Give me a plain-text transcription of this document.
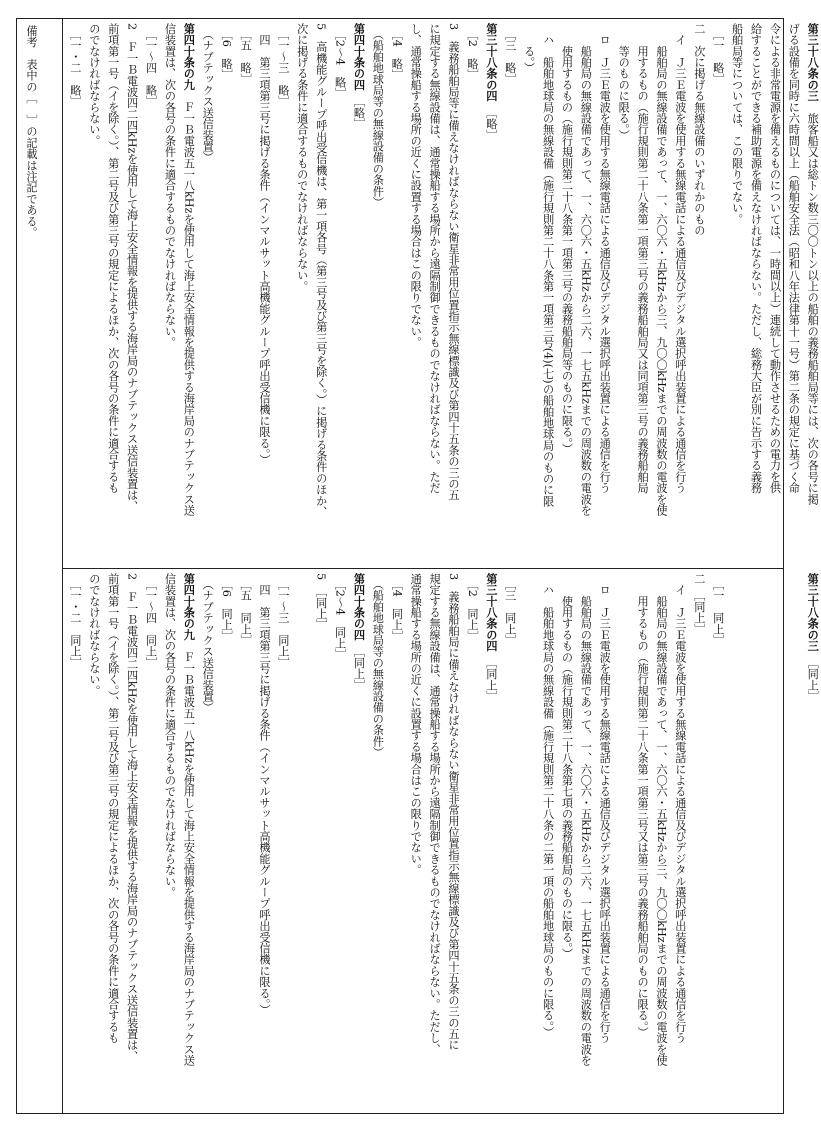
備考　表中の［　］の記載は注記である。	第三十八条の三　旅客船又は総トン数三〇〇トン以上の船舶の義務船舶局等には、次の各号に掲

げる設備を同時に六時間以上（船舶安全法（昭和八年法律第十一号）第二条の規定に基づく命

令による非常電源を備えるものについては、一時間以上）連続して動作させるための電力を供

給することができる補助電源を備えなければならない。ただし、総務大臣が別に告示する義務

船舶局等については、この限りでない。

　［一　略］

二　次に掲げる無線設備のいずれかのもの

　イ　Ｊ三Ｅ電波を使用する無線電話による通信及びデジタル選択呼出装置による通信を行う

　　船舶局の無線設備であって、一、六〇六・五kHzから三、九〇〇kHzまでの周波数の電波を使

　　用するもの（施行規則第二十八条第一項第三号の義務船舶局又は同項第三号の義務船舶局

　　等のものに限る。）

　ロ　Ｊ三Ｅ電波を使用する無線電話による通信及びデジタル選択呼出装置による通信を行う

　　船舶局の無線設備であって、一、六〇六・五kHzから二六、一七五kHzまでの周波数の電波を

　　使用するもの（施行規則第二十八条第一項第三号の義務船舶局等のものに限る。）

　ハ　船舶地球局の無線設備（施行規則第二十八条第一項第三号(4)(七)の船舶地球局のものに限

　　る。）

　［三　略］

第三十八条の四　［略］

　［2　略］

3　義務船舶局等に備えなければならない衛星非常用位置指示無線標識及び第四十五条の三の五

に規定する無線設備は、通常操船する場所から遠隔制御できるものでなければならない。ただ

し、通常操船する場所の近くに設置する場合はこの限りでない。

　［4　略］

　（船舶地球局等の無線設備の条件）

第四十条の四　［略］

　［2～4　略］

5　高機能グループ呼出受信機は、第一項各号（第三号及び第三号を除く。）に掲げる条件のほか、

次に掲げる条件に適合するものでなければならない。

　［一～三　略］

　四　第三項第三号に掲げる条件（インマルサット高機能グループ呼出受信機に限る。）

　［五　略］

　［6　略］

　（ナブテックス送信装置）

第四十条の九　Ｆ一Ｂ電波五一八kHzを使用して海上安全情報を提供する海岸局のナブテックス送

信装置は、次の各号の条件に適合するものでなければならない。

　［一～四　略］

2　Ｆ一Ｂ電波四二四kHzを使用して海上安全情報を提供する海岸局のナブテックス送信装置は、

前項第一号（イを除く。）、第二号及び第三号の規定によるほか、次の各号の条件に適合するも

のでなければならない。

　［一・二　略］

第三十八条の三　［同上］

　［一　同上］

二　［同上］

　イ　Ｊ三Ｅ電波を使用する無線電話による通信及びデジタル選択呼出装置による通信を行う

　　船舶局の無線設備であって、一、六〇六・五kHzから三、九〇〇kHzまでの周波数の電波を使

　　用するもの（施行規則第二十八条第一項第三号又は第三号の義務船舶局のものに限る。）

　ロ　Ｊ三Ｅ電波を使用する無線電話による通信及びデジタル選択呼出装置による通信を行う

　　船舶局の無線設備であって、一、六〇六・五kHzから二六、一七五kHzまでの周波数の電波を

　　使用するもの（施行規則第二十八条第七項の義務船舶局のものに限る。）

　ハ　船舶地球局の無線設備（施行規則第二十八条の二第一項の船舶地球局のものに限る。）

　［三　同上］

第三十八条の四　［同上］

　［2　同上］

3　義務船舶局に備えなければならない衛星非常用位置指示無線標識及び第四十五条の三の五に

規定する無線設備は、通常操船する場所から遠隔制御できるものでなければならない。ただし、

通常操船する場所の近くに設置する場合はこの限りでない。

　［4　同上］

　（船舶地球局等の無線設備の条件）

第四十条の四　［同上］

　［2～4　同上］

5　［同上］

　［一～三　同上］

　四　第三項第三号に掲げる条件（インマルサット高機能グループ呼出受信機に限る。）

　［五　同上］

　［6　同上］

　（ナブテックス送信装置）

第四十条の九　Ｆ一Ｂ電波五一八kHzを使用して海上安全情報を提供する海岸局のナブテックス送

信装置は、次の各号の条件に適合するものでなければならない。

　［一～四　同上］

2　Ｆ一Ｂ電波四二四kHzを使用して海上安全情報を提供する海岸局のナブテックス送信装置は、

前項第一号（イを除く。）、第二号及び第三号の規定によるほか、次の各号の条件に適合するも

のでなければならない。

　［一・二　同上］
